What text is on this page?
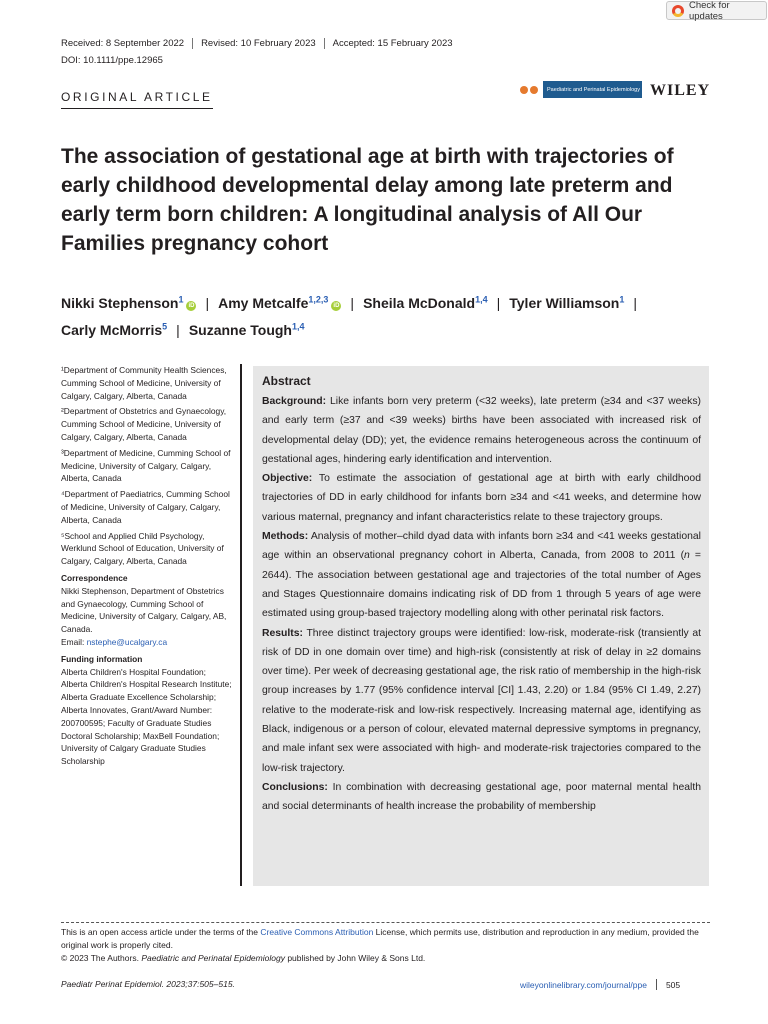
Check for updates
Received: 8 September 2022	Revised: 10 February 2023	Accepted: 15 February 2023
DOI: 10.1111/ppe.12965
ORIGINAL ARTICLE
Paediatric and Perinatal Epidemiology WILEY
The association of gestational age at birth with trajectories of early childhood developmental delay among late preterm and early term born children: A longitudinal analysis of All Our Families pregnancy cohort
Nikki Stephenson$^1$iD | Amy Metcalfe$^{1,2,3}$iD | Sheila McDonald$^{1,4}$ | Tyler Williamson$^1$ |
Carly McMorris$^5$ | Suzanne Tough$^{1,4}$

¹Department of Community Health Sciences, Cumming School of Medicine, University of Calgary, Calgary, Alberta, Canada

²Department of Obstetrics and Gynaecology, Cumming School of Medicine, University of Calgary, Calgary, Alberta, Canada

³Department of Medicine, Cumming School of Medicine, University of Calgary, Calgary, Alberta, Canada

⁴Department of Paediatrics, Cumming School of Medicine, University of Calgary, Calgary, Alberta, Canada

⁵School and Applied Child Psychology, Werklund School of Education, University of Calgary, Calgary, Alberta, Canada

Correspondence

Nikki Stephenson, Department of Obstetrics and Gynaecology, Cumming School of Medicine, University of Calgary, Calgary, AB, Canada.
Email: nstephe@ucalgary.ca

Funding information

Alberta Children's Hospital Foundation; Alberta Children's Hospital Research Institute; Alberta Graduate Excellence Scholarship; Alberta Innovates, Grant/Award Number: 200700595; Faculty of Graduate Studies Doctoral Scholarship; MaxBell Foundation; University of Calgary Graduate Studies Scholarship

Abstract

Background: Like infants born very preterm (<32 weeks), late preterm (≥34 and <37 weeks) and early term (≥37 and <39 weeks) births have been associated with increased risk of developmental delay (DD); yet, the evidence remains heterogeneous across the continuum of gestational ages, hindering early identification and intervention.

Objective: To estimate the association of gestational age at birth with early childhood trajectories of DD in early childhood for infants born ≥34 and <41 weeks, and determine how various maternal, pregnancy and infant characteristics relate to these trajectory groups.

Methods: Analysis of mother–child dyad data with infants born ≥34 and <41 weeks gestational age within an observational pregnancy cohort in Alberta, Canada, from 2008 to 2011 (n = 2644). The association between gestational age and trajectories of the total number of Ages and Stages Questionnaire domains indicating risk of DD from 1 through 5 years of age were estimated using group-based trajectory modelling along with other perinatal risk factors.

Results: Three distinct trajectory groups were identified: low-risk, moderate-risk (transiently at risk of DD in one domain over time) and high-risk (consistently at risk of delay in ≥2 domains over time). Per week of decreasing gestational age, the risk ratio of membership in the high-risk group increases by 1.77 (95% confidence interval [CI] 1.43, 2.20) or 1.84 (95% CI 1.49, 2.27) relative to the moderate-risk and low-risk respectively. Increasing maternal age, identifying as Black, indigenous or a person of colour, elevated maternal depressive symptoms in pregnancy, and male infant sex were associated with high- and moderate-risk trajectories compared to the low-risk trajectory.

Conclusions: In combination with decreasing gestational age, poor maternal mental health and social determinants of health increase the probability of membership

This is an open access article under the terms of the Creative Commons Attribution License, which permits use, distribution and reproduction in any medium, provided the original work is properly cited.

© 2023 The Authors. Paediatric and Perinatal Epidemiology published by John Wiley & Sons Ltd.

Paediatr Perinat Epidemiol. 2023;37:505–515.	wileyonlinelibrary.com/journal/ppe 505
